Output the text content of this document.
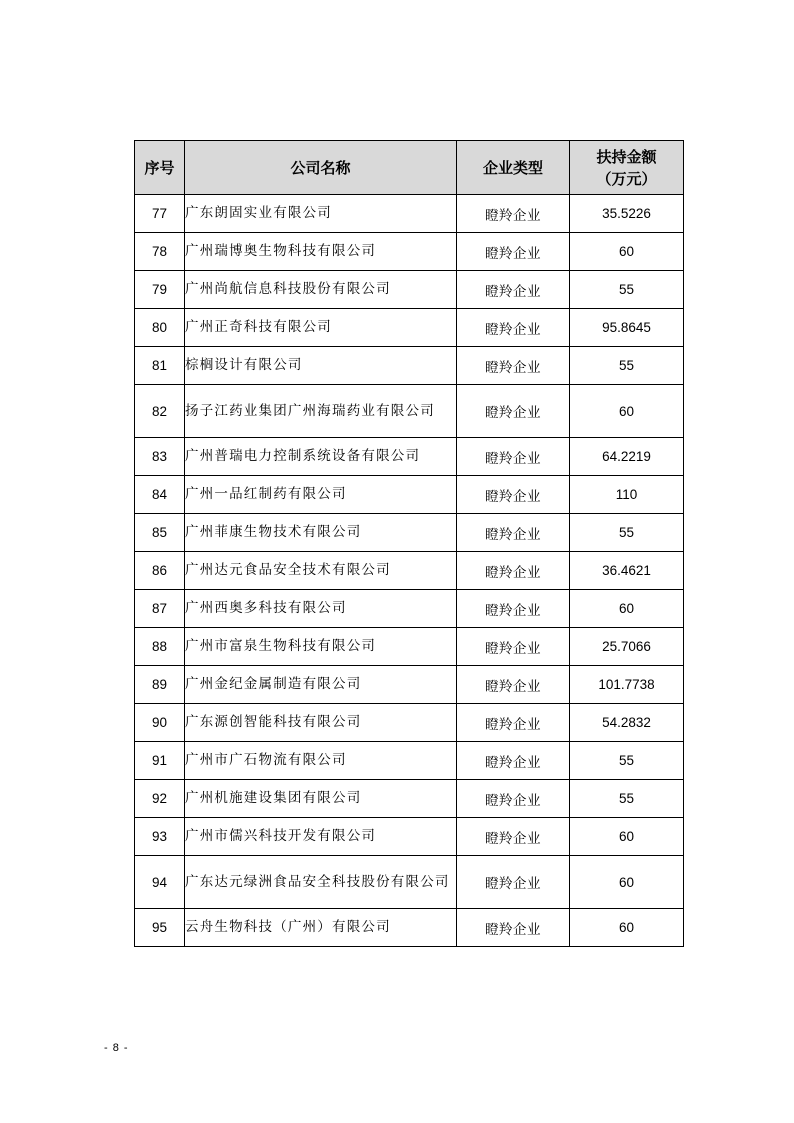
序号	公司名称	企业类型	扶持金额
（万元）

77	广东朗固实业有限公司	瞪羚企业	35.5226
78	广州瑞博奥生物科技有限公司	瞪羚企业	60
79	广州尚航信息科技股份有限公司	瞪羚企业	55
80	广州正奇科技有限公司	瞪羚企业	95.8645
81	棕榈设计有限公司	瞪羚企业	55
82	扬子江药业集团广州海瑞药业有限公司	瞪羚企业	60
83	广州普瑞电力控制系统设备有限公司	瞪羚企业	64.2219
84	广州一品红制药有限公司	瞪羚企业	110
85	广州菲康生物技术有限公司	瞪羚企业	55
86	广州达元食品安全技术有限公司	瞪羚企业	36.4621
87	广州西奥多科技有限公司	瞪羚企业	60
88	广州市富泉生物科技有限公司	瞪羚企业	25.7066
89	广州金纪金属制造有限公司	瞪羚企业	101.7738
90	广东源创智能科技有限公司	瞪羚企业	54.2832
91	广州市广石物流有限公司	瞪羚企业	55
92	广州机施建设集团有限公司	瞪羚企业	55
93	广州市儒兴科技开发有限公司	瞪羚企业	60
94	广东达元绿洲食品安全科技股份有限公司	瞪羚企业	60
95	云舟生物科技（广州）有限公司	瞪羚企业	60
- 8 -
